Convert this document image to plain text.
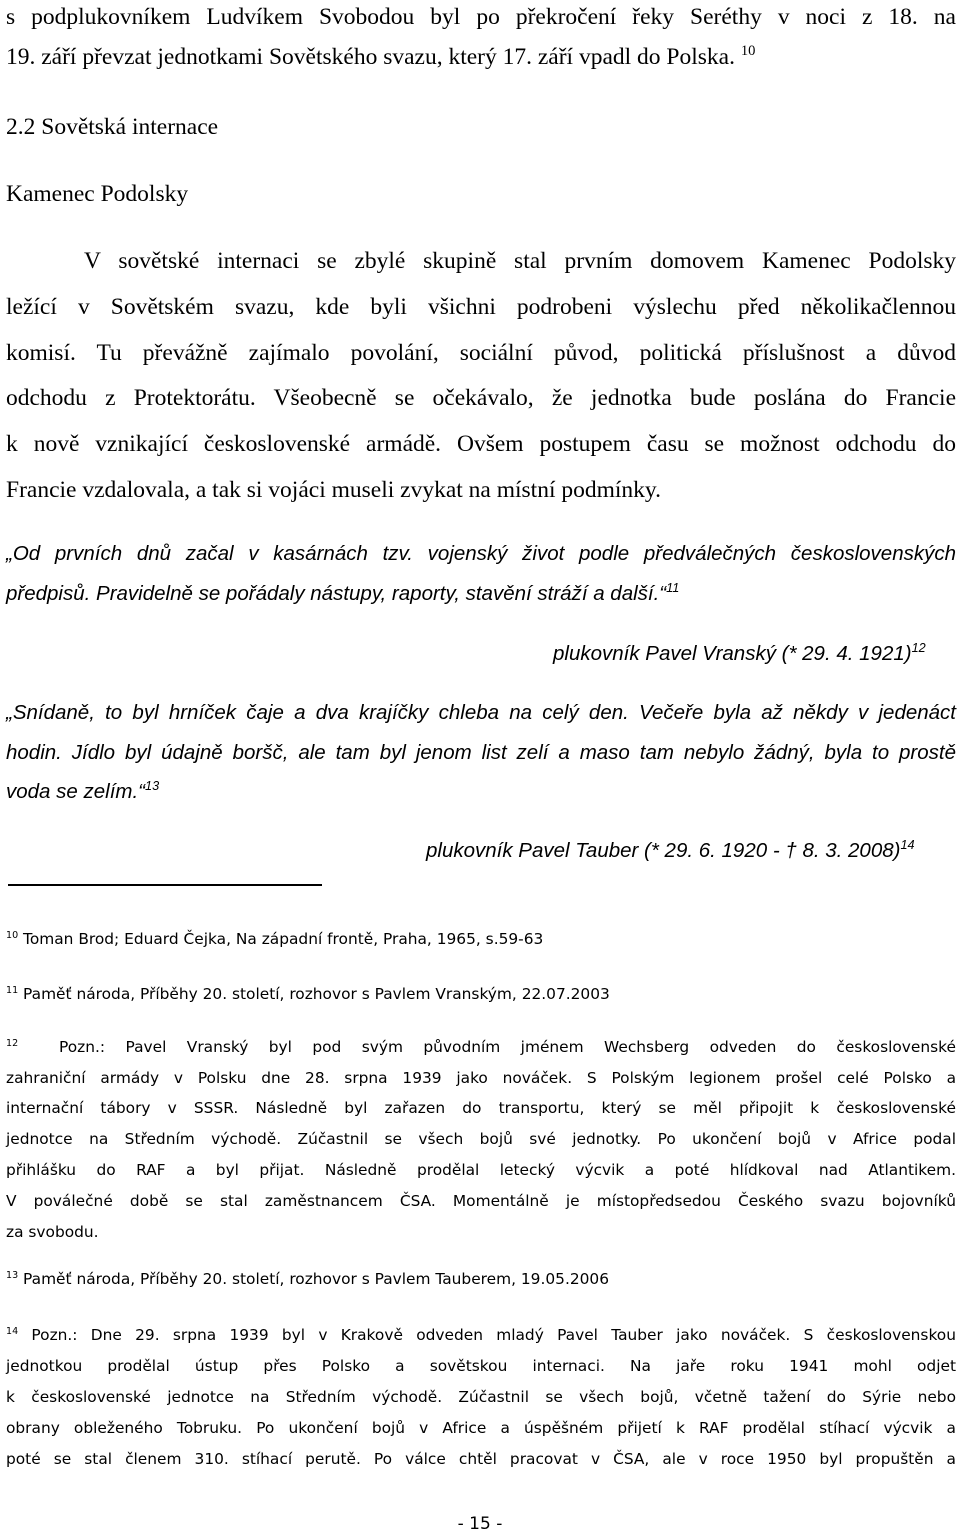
s podplukovníkem Ludvíkem Svobodou byl po překročení řeky Seréthy v noci z 18. na

19. září převzat jednotkami Sovětského svazu, který 17. září vpadl do Polska. $^{10}$

2.2 Sovětská internace

Kamenec Podolsky

V sovětské internaci se zbylé skupině stal prvním domovem Kamenec Podolsky

ležící v Sovětském svazu, kde byli všichni podrobeni výslechu před několikačlennou

komisí. Tu převážně zajímalo povolání, sociální původ, politická příslušnost a důvod

odchodu z Protektorátu. Všeobecně se očekávalo, že jednotka bude poslána do Francie

k nově vznikající československé armádě. Ovšem postupem času se možnost odchodu do

Francie vzdalovala, a tak si vojáci museli zvykat na místní podmínky.

„Od prvních dnů začal v kasárnách tzv. vojenský život podle předválečných československých

předpisů. Pravidelně se pořádaly nástupy, raporty, stavění stráží a další.“$^{11}$

plukovník Pavel Vranský (* 29. 4. 1921)$^{12}$

„Snídaně, to byl hrníček čaje a dva krajíčky chleba na celý den. Večeře byla až někdy v jedenáct

hodin. Jídlo byl údajně boršč, ale tam byl jenom list zelí a maso tam nebylo žádný, byla to prostě

voda se zelím.“$^{13}$

plukovník Pavel Tauber (* 29. 6. 1920 - † 8. 3. 2008)$^{14}$

$^{10}$ Toman Brod; Eduard Čejka, Na západní frontě, Praha, 1965, s.59-63

$^{11}$ Paměť národa, Příběhy 20. století, rozhovor s Pavlem Vranským, 22.07.2003

$^{12}$	Pozn.: Pavel Vranský byl pod svým původním jménem Wechsberg odveden do československé

zahraniční armády v Polsku dne 28. srpna 1939 jako nováček. S Polským legionem prošel celé Polsko a

internační tábory v SSSR. Následně byl zařazen do transportu, který se měl připojit k československé

jednotce na Středním východě. Zúčastnil se všech bojů své jednotky. Po ukončení bojů v Africe podal

přihlášku do RAF a byl přijat. Následně prodělal letecký výcvik a poté hlídkoval nad Atlantikem.

V poválečné době se stal zaměstnancem ČSA. Momentálně je místopředsedou Českého svazu bojovníků

za svobodu.

$^{13}$ Paměť národa, Příběhy 20. století, rozhovor s Pavlem Tauberem, 19.05.2006

$^{14}$ Pozn.: Dne 29. srpna 1939 byl v Krakově odveden mladý Pavel Tauber jako nováček. S československou

jednotkou prodělal ústup přes Polsko a sovětskou internaci. Na jaře roku 1941 mohl odjet

k československé jednotce na Středním východě. Zúčastnil se všech bojů, včetně tažení do Sýrie nebo

obrany obleženého Tobruku. Po ukončení bojů v Africe a úspěšném přijetí k RAF prodělal stíhací výcvik a

poté se stal členem 310. stíhací perutě. Po válce chtěl pracovat v ČSA, ale v roce 1950 byl propuštěn a

- 15 -
